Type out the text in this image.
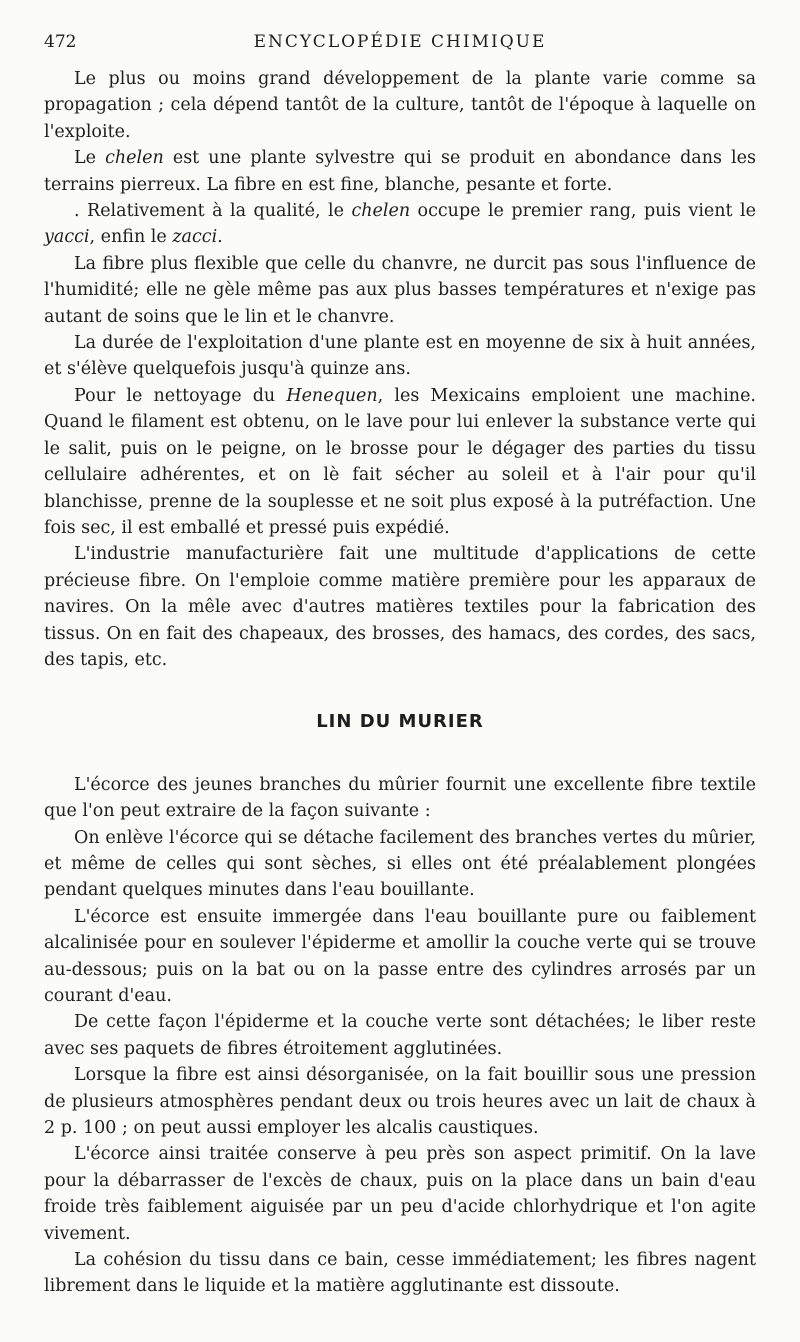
472	ENCYCLOPÉDIE CHIMIQUE

Le plus ou moins grand développement de la plante varie comme sa propagation ; cela dépend tantôt de la culture, tantôt de l'époque à laquelle on l'exploite.

Le chelen est une plante sylvestre qui se produit en abondance dans les terrains pierreux. La fibre en est fine, blanche, pesante et forte.

. Relativement à la qualité, le chelen occupe le premier rang, puis vient le yacci, enfin le zacci.

La fibre plus flexible que celle du chanvre, ne durcit pas sous l'influence de l'humidité; elle ne gèle même pas aux plus basses températures et n'exige pas autant de soins que le lin et le chanvre.

La durée de l'exploitation d'une plante est en moyenne de six à huit années, et s'élève quelquefois jusqu'à quinze ans.

Pour le nettoyage du Henequen, les Mexicains emploient une machine. Quand le filament est obtenu, on le lave pour lui enlever la substance verte qui le salit, puis on le peigne, on le brosse pour le dégager des parties du tissu cellulaire adhérentes, et on lè fait sécher au soleil et à l'air pour qu'il blanchisse, prenne de la souplesse et ne soit plus exposé à la putréfaction. Une fois sec, il est emballé et pressé puis expédié.

L'industrie manufacturière fait une multitude d'applications de cette précieuse fibre. On l'emploie comme matière première pour les apparaux de navires. On la mêle avec d'autres matières textiles pour la fabrication des tissus. On en fait des chapeaux, des brosses, des hamacs, des cordes, des sacs, des tapis, etc.

LIN DU MURIER

L'écorce des jeunes branches du mûrier fournit une excellente fibre textile que l'on peut extraire de la façon suivante :

On enlève l'écorce qui se détache facilement des branches vertes du mûrier, et même de celles qui sont sèches, si elles ont été préalablement plongées pendant quelques minutes dans l'eau bouillante.

L'écorce est ensuite immergée dans l'eau bouillante pure ou faiblement alcalinisée pour en soulever l'épiderme et amollir la couche verte qui se trouve au-dessous; puis on la bat ou on la passe entre des cylindres arrosés par un courant d'eau.

De cette façon l'épiderme et la couche verte sont détachées; le liber reste avec ses paquets de fibres étroitement agglutinées.

Lorsque la fibre est ainsi désorganisée, on la fait bouillir sous une pression de plusieurs atmosphères pendant deux ou trois heures avec un lait de chaux à 2 p. 100 ; on peut aussi employer les alcalis caustiques.

L'écorce ainsi traitée conserve à peu près son aspect primitif. On la lave pour la débarrasser de l'excès de chaux, puis on la place dans un bain d'eau froide très faiblement aiguisée par un peu d'acide chlorhydrique et l'on agite vivement.

La cohésion du tissu dans ce bain, cesse immédiatement; les fibres nagent librement dans le liquide et la matière agglutinante est dissoute.
